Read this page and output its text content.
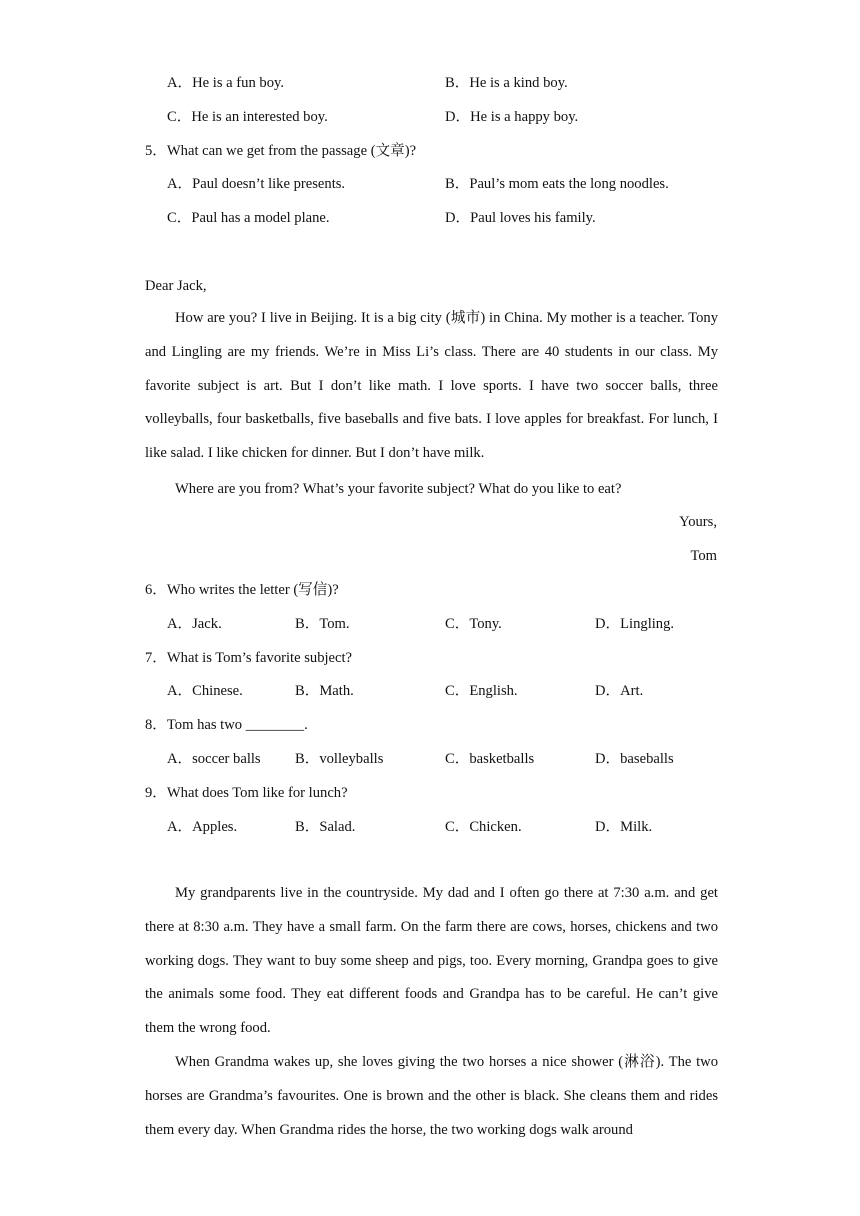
A．He is a fun boy.	B．He is a kind boy.
C．He is an interested boy.	D．He is a happy boy.
5．What can we get from the passage (文章)?
A．Paul doesn’t like presents.	B．Paul’s mom eats the long noodles.
C．Paul has a model plane.	D．Paul loves his family.
Dear Jack,

How are you? I live in Beijing. It is a big city (城市) in China. My mother is a teacher. Tony and Lingling are my friends. We’re in Miss Li’s class. There are 40 students in our class. My favorite subject is art. But I don’t like math. I love sports. I have two soccer balls, three volleyballs, four basketballs, five baseballs and five bats. I love apples for breakfast. For lunch, I like salad. I like chicken for dinner. But I don’t have milk.

Where are you from? What’s your favorite subject? What do you like to eat?
Yours,
Tom
6．Who writes the letter (写信)?
A．Jack.	B．Tom.	C．Tony.	D．Lingling.
7．What is Tom’s favorite subject?
A．Chinese.	B．Math.	C．English.	D．Art.
8．Tom has two ________.
A．soccer balls B．volleyballs	C．basketballs	D．baseballs
9．What does Tom like for lunch?
A．Apples.	B．Salad.	C．Chicken.	D．Milk.

My grandparents live in the countryside. My dad and I often go there at 7:30 a.m. and get there at 8:30 a.m. They have a small farm. On the farm there are cows, horses, chickens and two working dogs. They want to buy some sheep and pigs, too. Every morning, Grandpa goes to give the animals some food. They eat different foods and Grandpa has to be careful. He can’t give them the wrong food.

When Grandma wakes up, she loves giving the two horses a nice shower (淋浴). The two horses are Grandma’s favourites. One is brown and the other is black. She cleans them and rides them every day. When Grandma rides the horse, the two working dogs walk around
